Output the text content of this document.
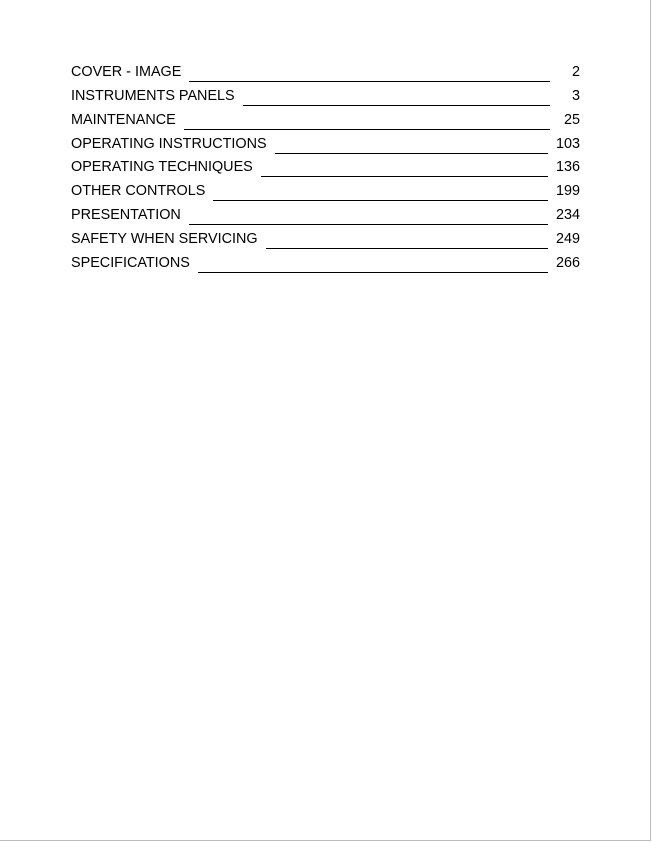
COVER - IMAGE	2
INSTRUMENTS PANELS	3
MAINTENANCE	25
OPERATING INSTRUCTIONS	103
OPERATING TECHNIQUES	136
OTHER CONTROLS	199
PRESENTATION	234
SAFETY WHEN SERVICING	249
SPECIFICATIONS	266
